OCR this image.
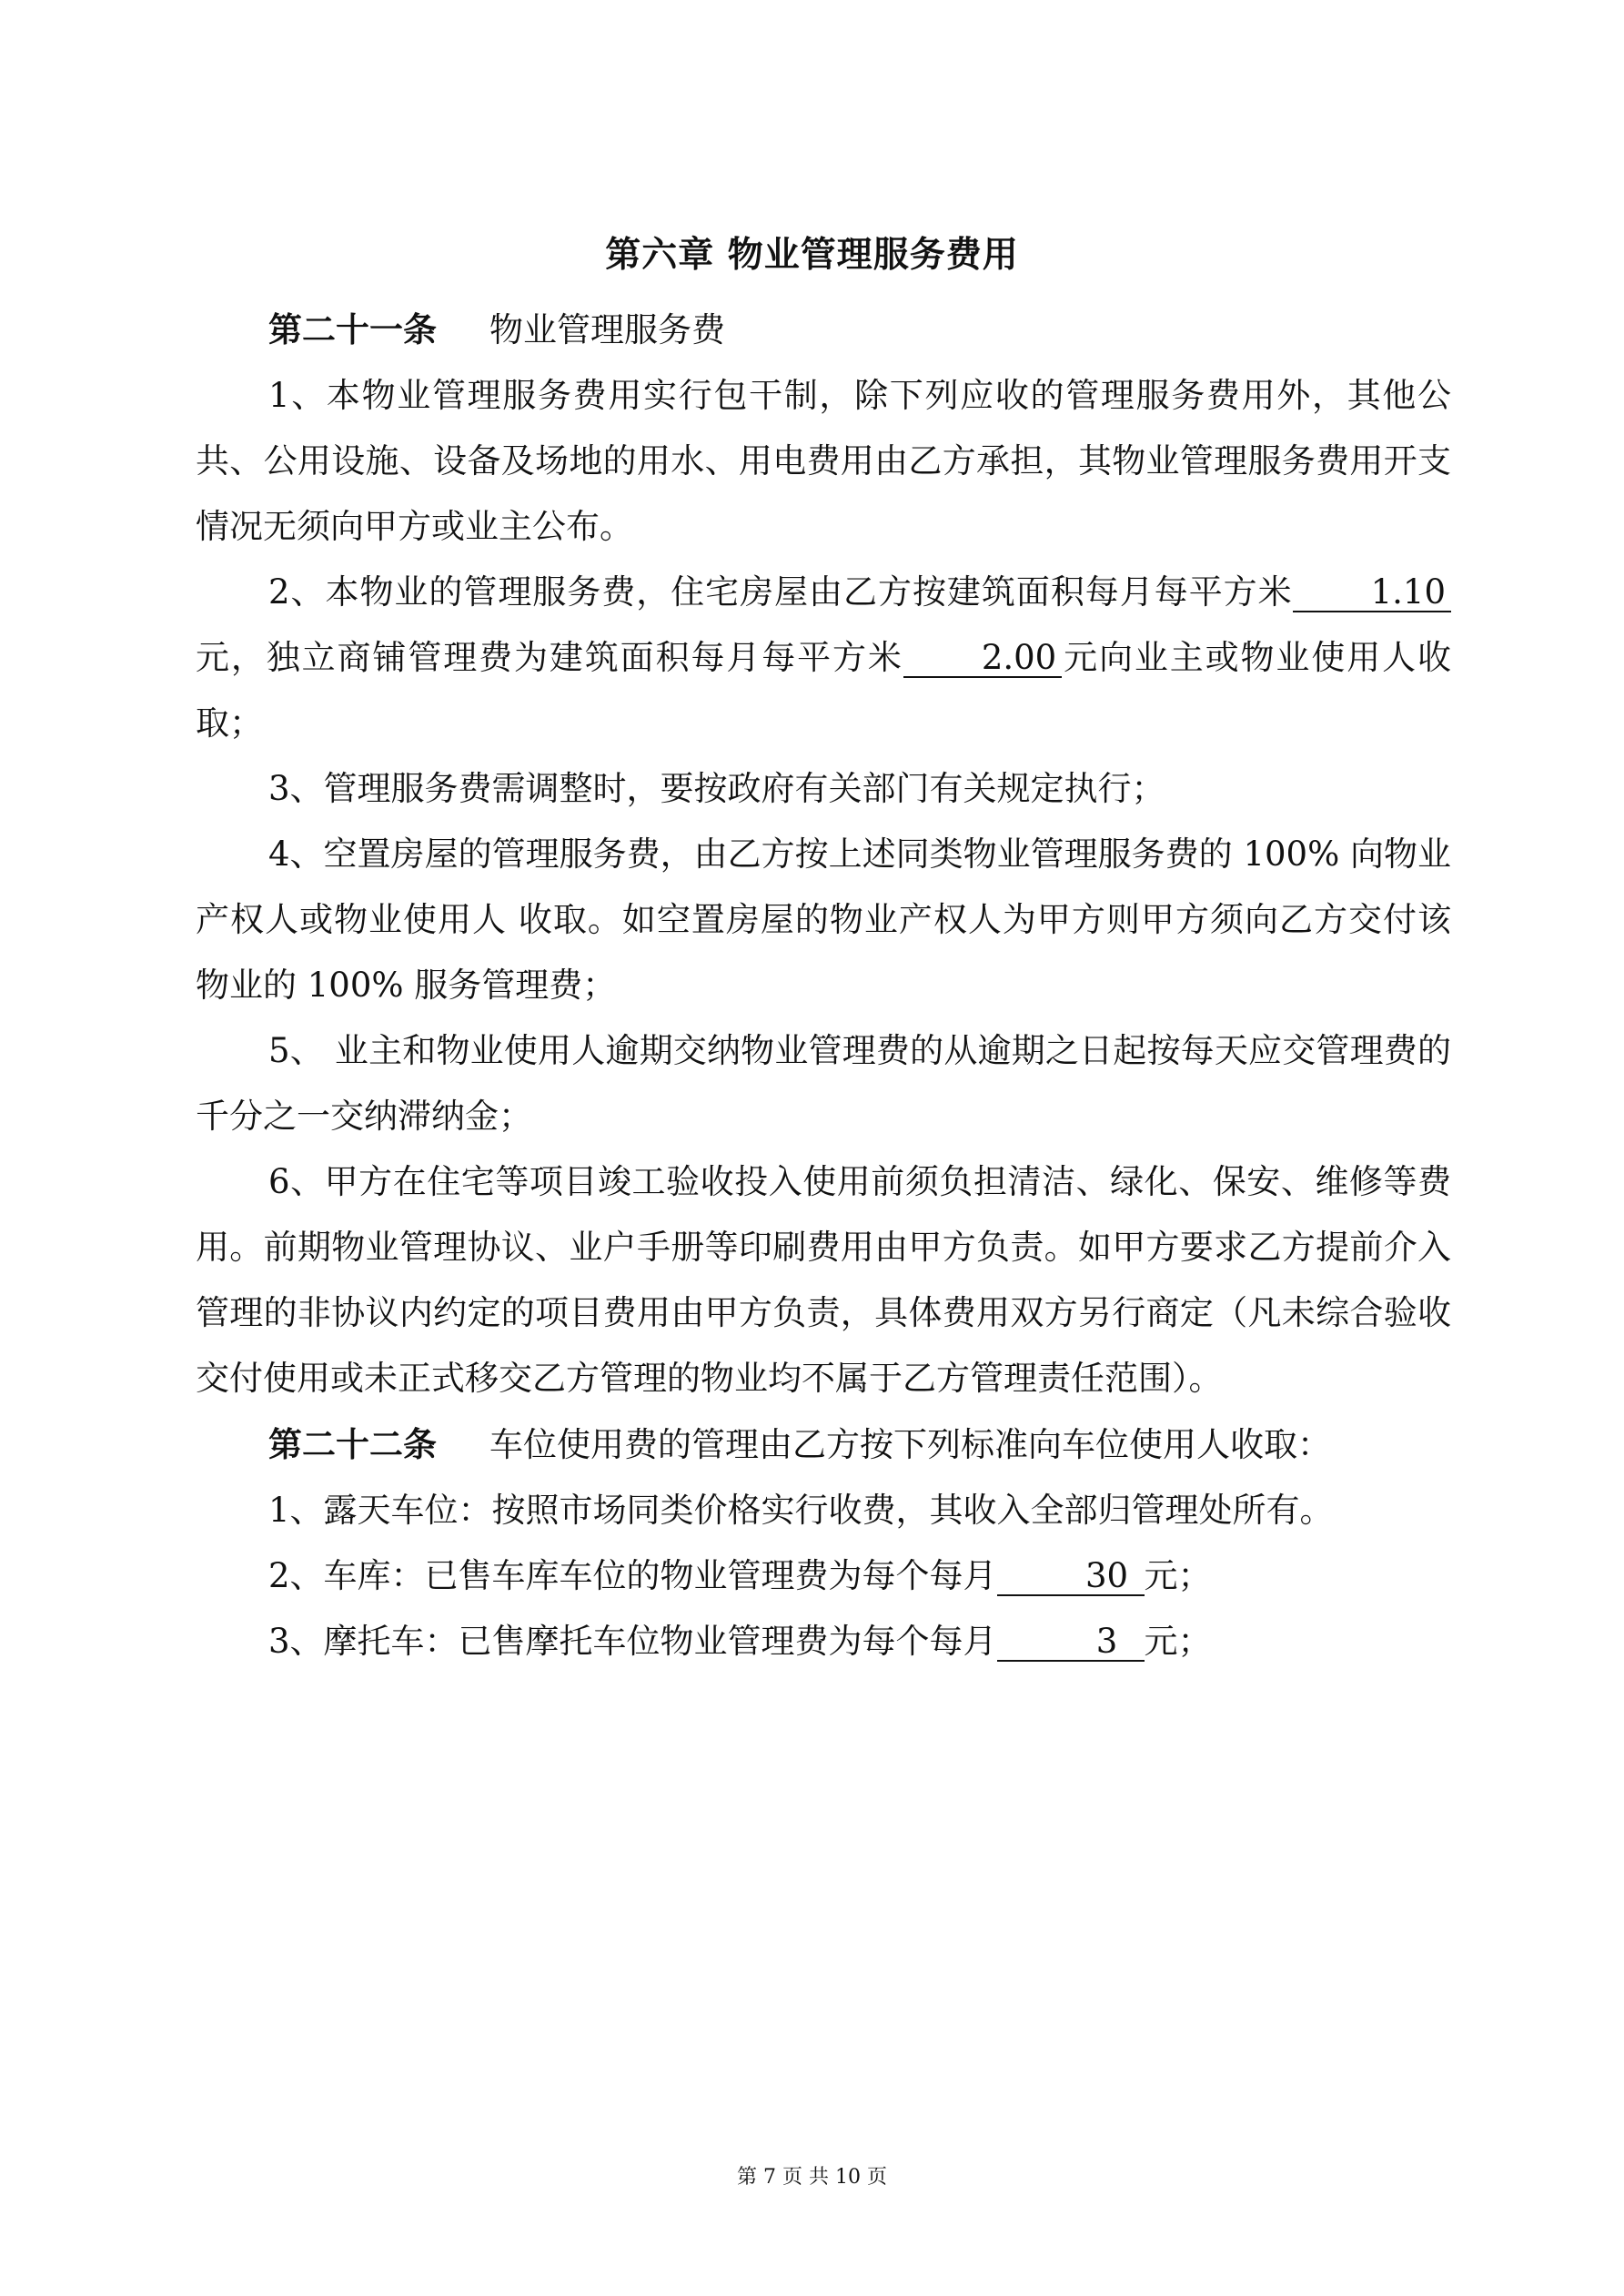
第六章 物业管理服务费用

第二十一条 物业管理服务费

1、本物业管理服务费用实行包干制，除下列应收的管理服务费用外，其他公共、公用设施、设备及场地的用水、用电费用由乙方承担，其物业管理服务费用开支情况无须向甲方或业主公布。

2、本物业的管理服务费，住宅房屋由乙方按建筑面积每月每平方米 1.10 元，独立商铺管理费为建筑面积每月每平方米 2.00 元向业主或物业使用人收取；

3、管理服务费需调整时，要按政府有关部门有关规定执行；

4、空置房屋的管理服务费，由乙方按上述同类物业管理服务费的 100% 向物业产权人或物业使用人 收取。如空置房屋的物业产权人为甲方则甲方须向乙方交付该物业的 100% 服务管理费；

5、 业主和物业使用人逾期交纳物业管理费的从逾期之日起按每天应交管理费的千分之一交纳滞纳金；

6、甲方在住宅等项目竣工验收投入使用前须负担清洁、绿化、保安、维修等费用。前期物业管理协议、业户手册等印刷费用由甲方负责。如甲方要求乙方提前介入管理的非协议内约定的项目费用由甲方负责，具体费用双方另行商定（凡未综合验收交付使用或未正式移交乙方管理的物业均不属于乙方管理责任范围）。

第二十二条 车位使用费的管理由乙方按下列标准向车位使用人收取：

1、露天车位：按照市场同类价格实行收费，其收入全部归管理处所有。

2、车库：已售车库车位的物业管理费为每个每月	30 元；

3、摩托车：已售摩托车位物业管理费为每个每月	3 元；

第 7 页 共 10 页
